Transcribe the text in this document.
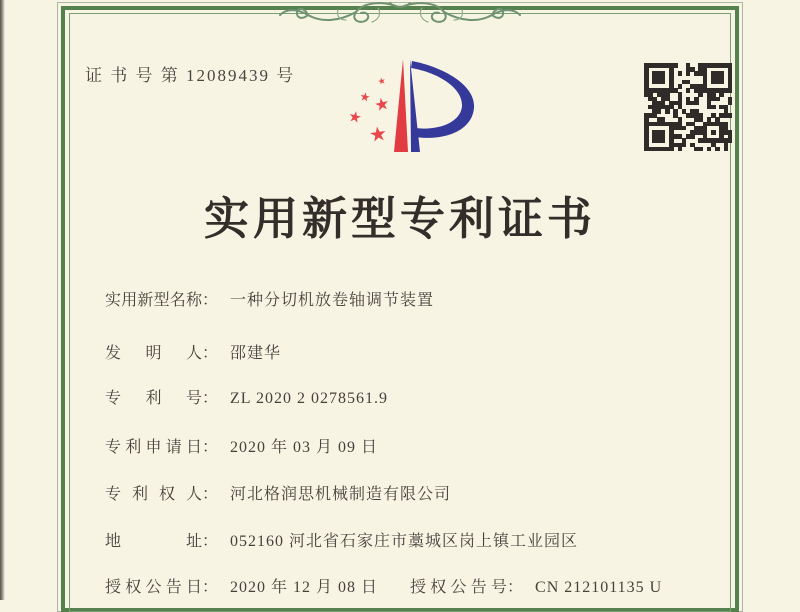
证 书 号 第 12089439 号	★
★ ★
★
★
实用新型专利证书
实用新型名称： 一种分切机放卷轴调节装置
发明人： 邵建华
专利号： ZL 2020 2 0278561.9
专利申请日： 2020 年 03 月 09 日
专利权人： 河北格润思机械制造有限公司
地址： 052160 河北省石家庄市藁城区岗上镇工业园区
授权公告日： 2020 年 12 月 08 日 授权公告号： CN 212101135 U
